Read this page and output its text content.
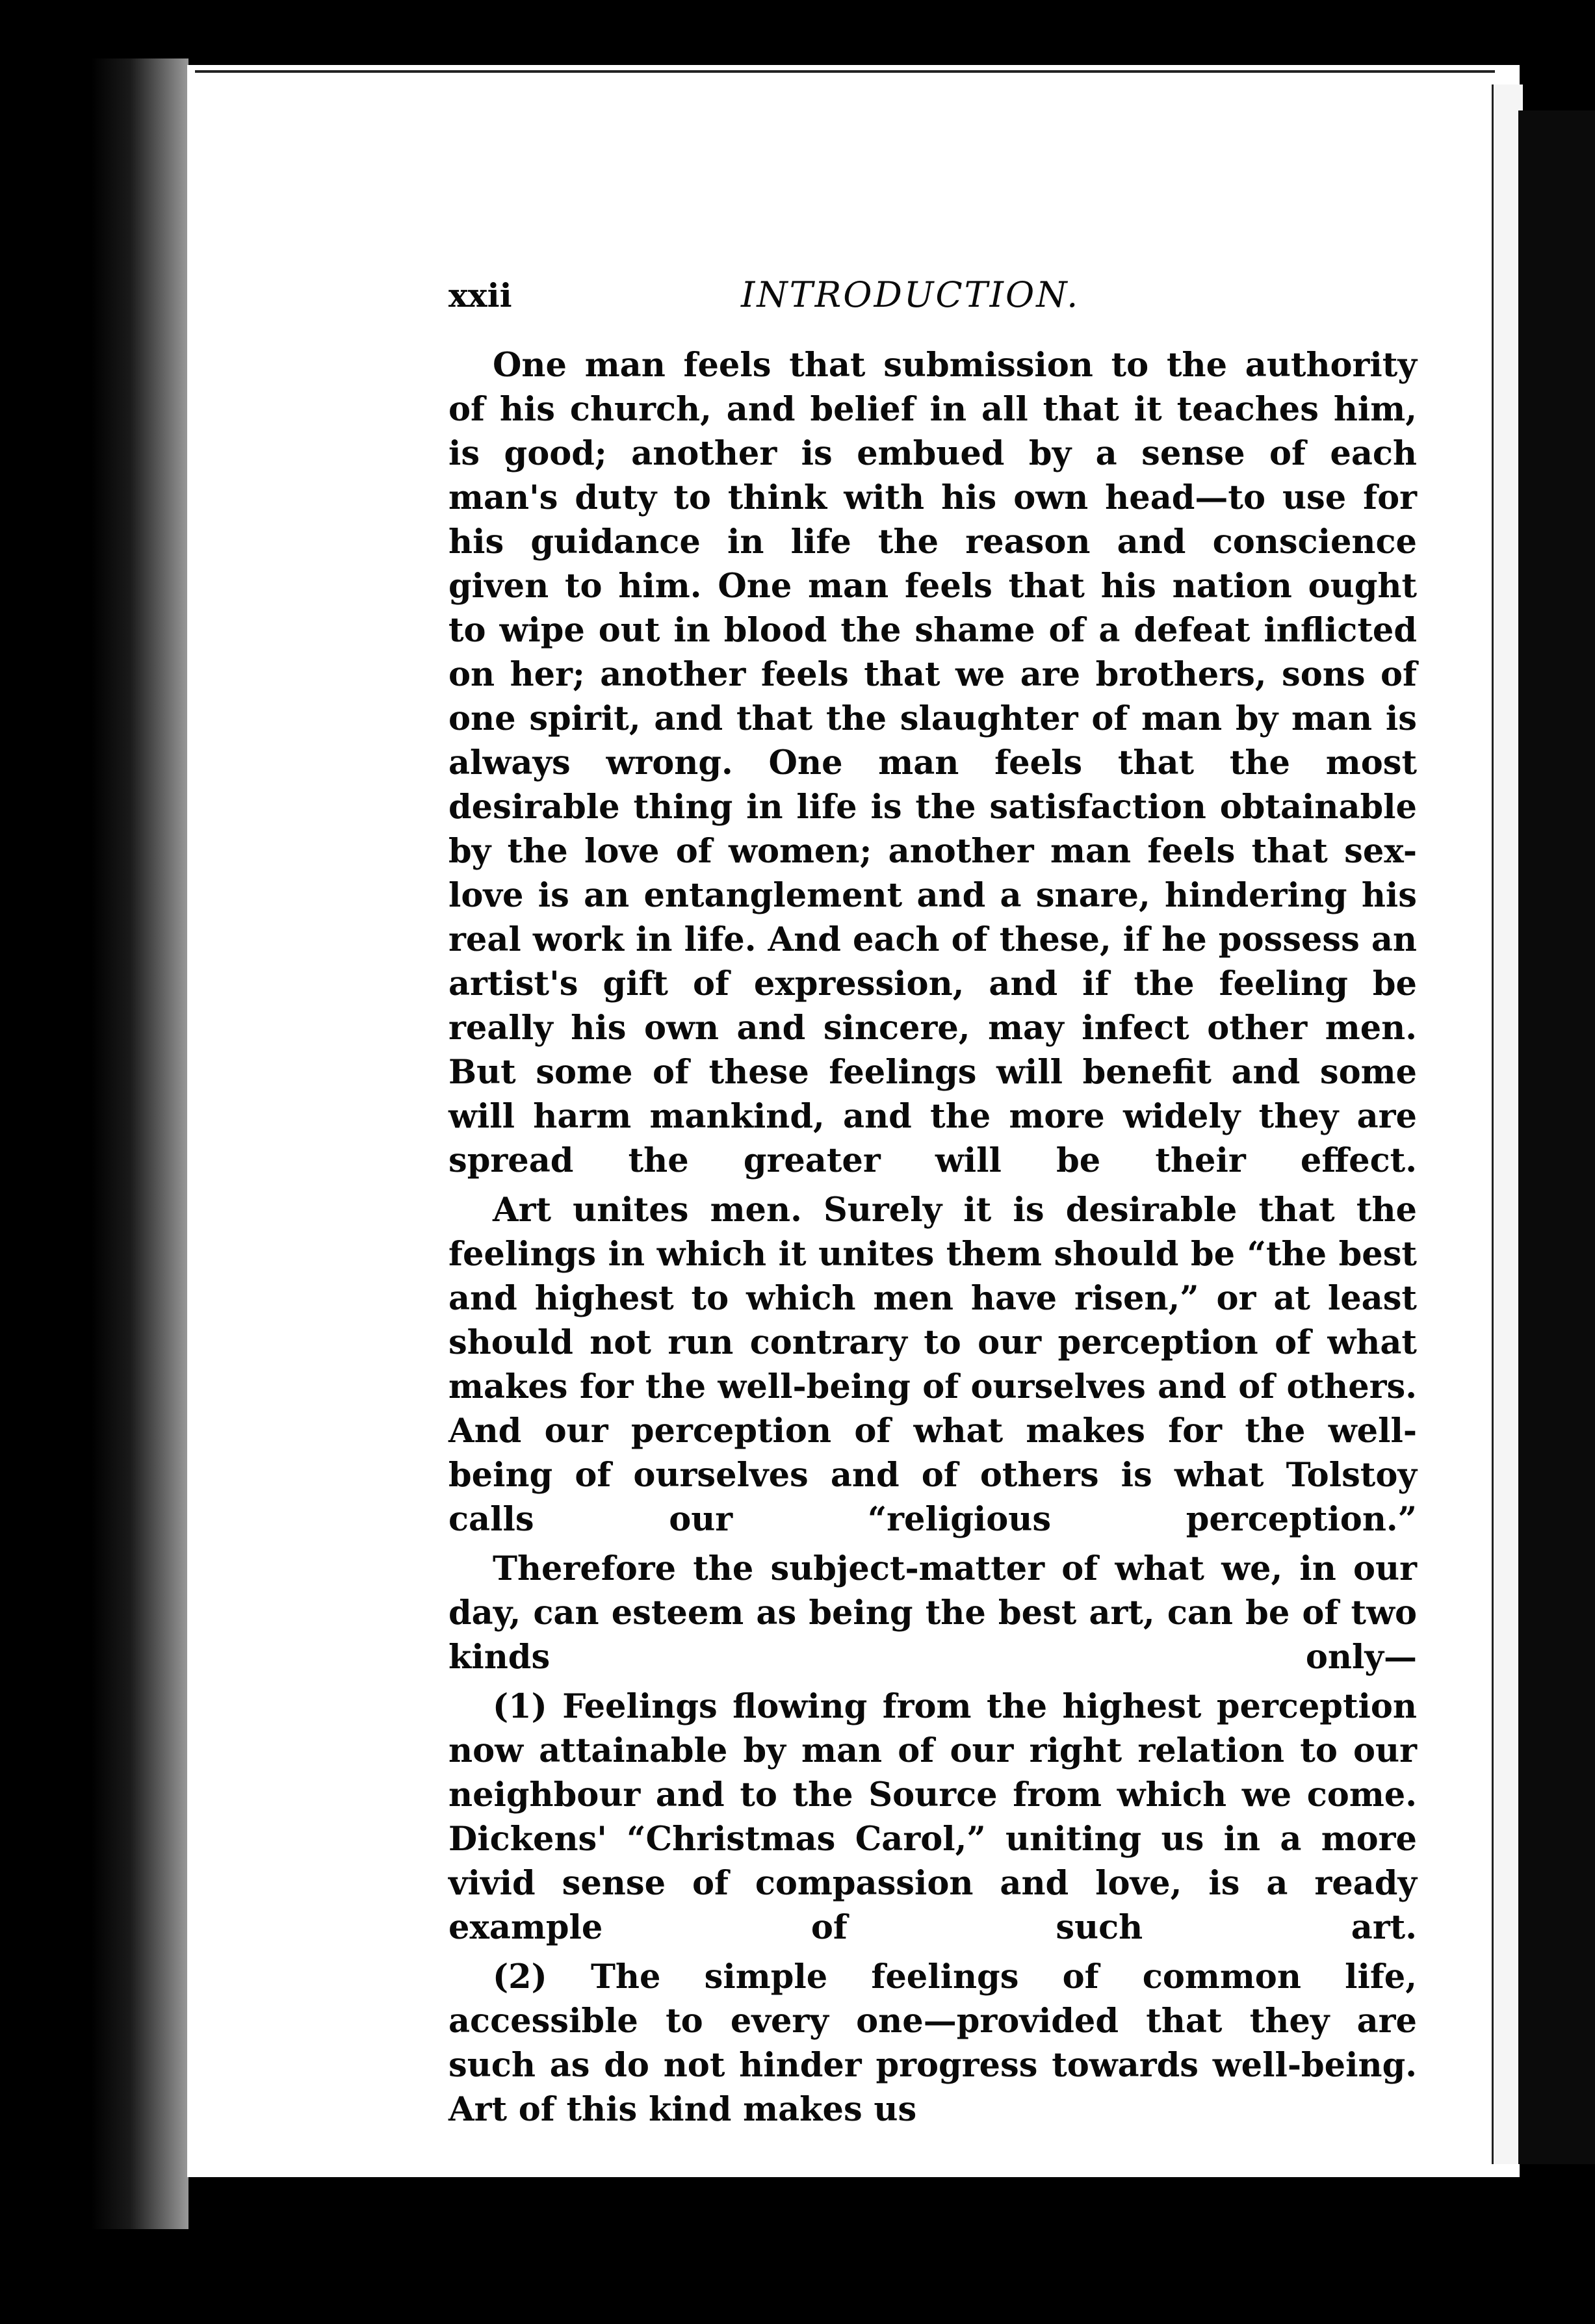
xxii	INTRODUCTION.

One man feels that submission to the authority of his church, and belief in all that it teaches him, is good; another is embued by a sense of each man's duty to think with his own head—to use for his guidance in life the reason and conscience given to him. One man feels that his nation ought to wipe out in blood the shame of a defeat inflicted on her; another feels that we are brothers, sons of one spirit, and that the slaughter of man by man is always wrong. One man feels that the most desirable thing in life is the satisfaction obtainable by the love of women; another man feels that sex-love is an entanglement and a snare, hindering his real work in life. And each of these, if he possess an artist's gift of expression, and if the feeling be really his own and sincere, may infect other men. But some of these feelings will benefit and some will harm mankind, and the more widely they are spread the greater will be their effect.

Art unites men. Surely it is desirable that the feelings in which it unites them should be “the best and highest to which men have risen,” or at least should not run contrary to our perception of what makes for the well-being of ourselves and of others. And our perception of what makes for the well-being of ourselves and of others is what Tolstoy calls our “religious perception.”

Therefore the subject-matter of what we, in our day, can esteem as being the best art, can be of two kinds only—

(1) Feelings flowing from the highest perception now attainable by man of our right relation to our neighbour and to the Source from which we come. Dickens' “Christmas Carol,” uniting us in a more vivid sense of compassion and love, is a ready example of such art.

(2) The simple feelings of common life, accessible to every one—provided that they are such as do not hinder progress towards well-being. Art of this kind makes us
